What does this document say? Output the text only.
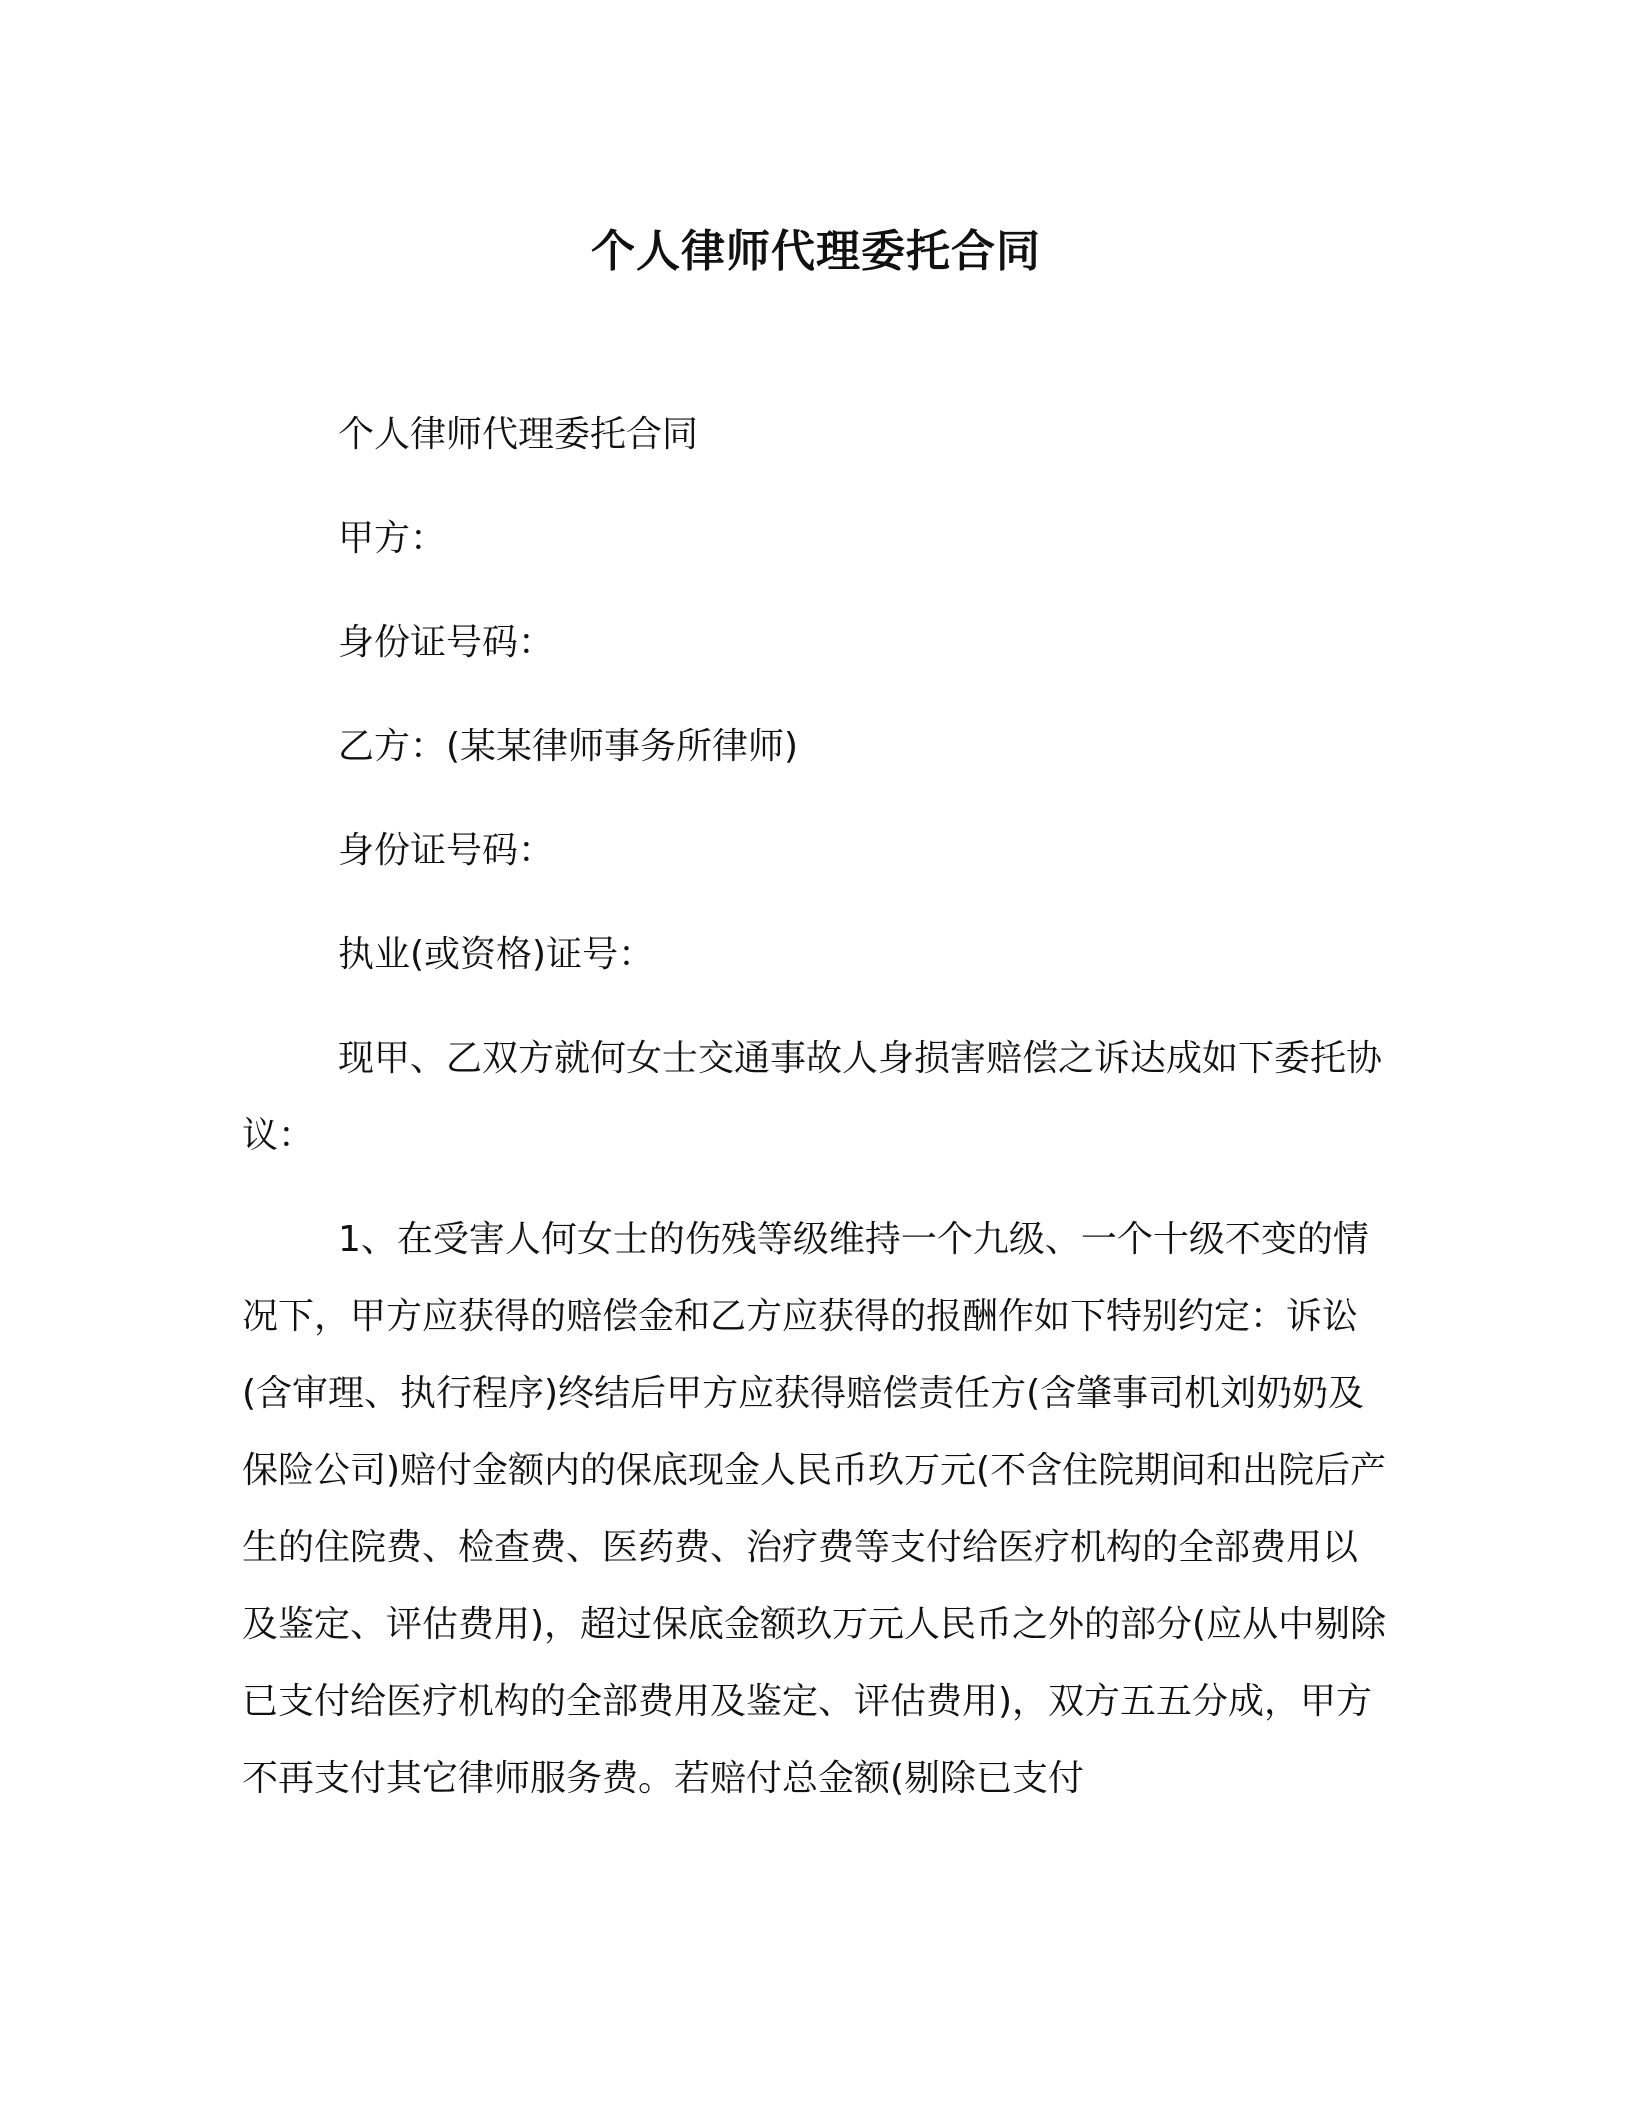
个人律师代理委托合同

个人律师代理委托合同

甲方：

身份证号码：

乙方：(某某律师事务所律师)

身份证号码：

执业(或资格)证号：

现甲、乙双方就何女士交通事故人身损害赔偿之诉达成如下委托协议：

1、在受害人何女士的伤残等级维持一个九级、一个十级不变的情况下，甲方应获得的赔偿金和乙方应获得的报酬作如下特别约定：诉讼(含审理、执行程序)终结后甲方应获得赔偿责任方(含肇事司机刘奶奶及保险公司)赔付金额内的保底现金人民币玖万元(不含住院期间和出院后产生的住院费、检查费、医药费、治疗费等支付给医疗机构的全部费用以及鉴定、评估费用)，超过保底金额玖万元人民币之外的部分(应从中剔除已支付给医疗机构的全部费用及鉴定、评估费用)，双方五五分成，甲方不再支付其它律师服务费。若赔付总金额(剔除已支付
